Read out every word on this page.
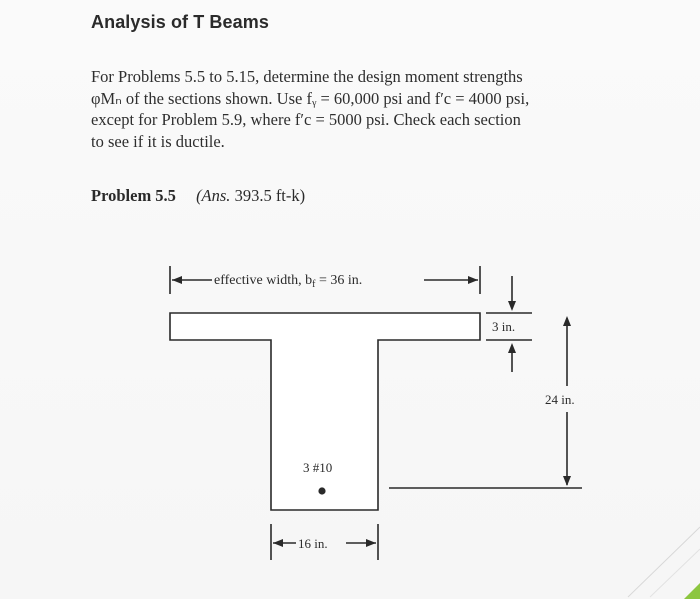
Analysis of T Beams
For Problems 5.5 to 5.15, determine the design moment strengths
φMₙ of the sections shown. Use fᵧ = 60,000 psi and f′c = 4000 psi,
except for Problem 5.9, where f′c = 5000 psi. Check each section
to see if it is ductile.
Problem 5.5 (Ans. 393.5 ft-k)
effective width, $b_f = 36$ in.
3 in.
24 in.
3 #10
16 in.
